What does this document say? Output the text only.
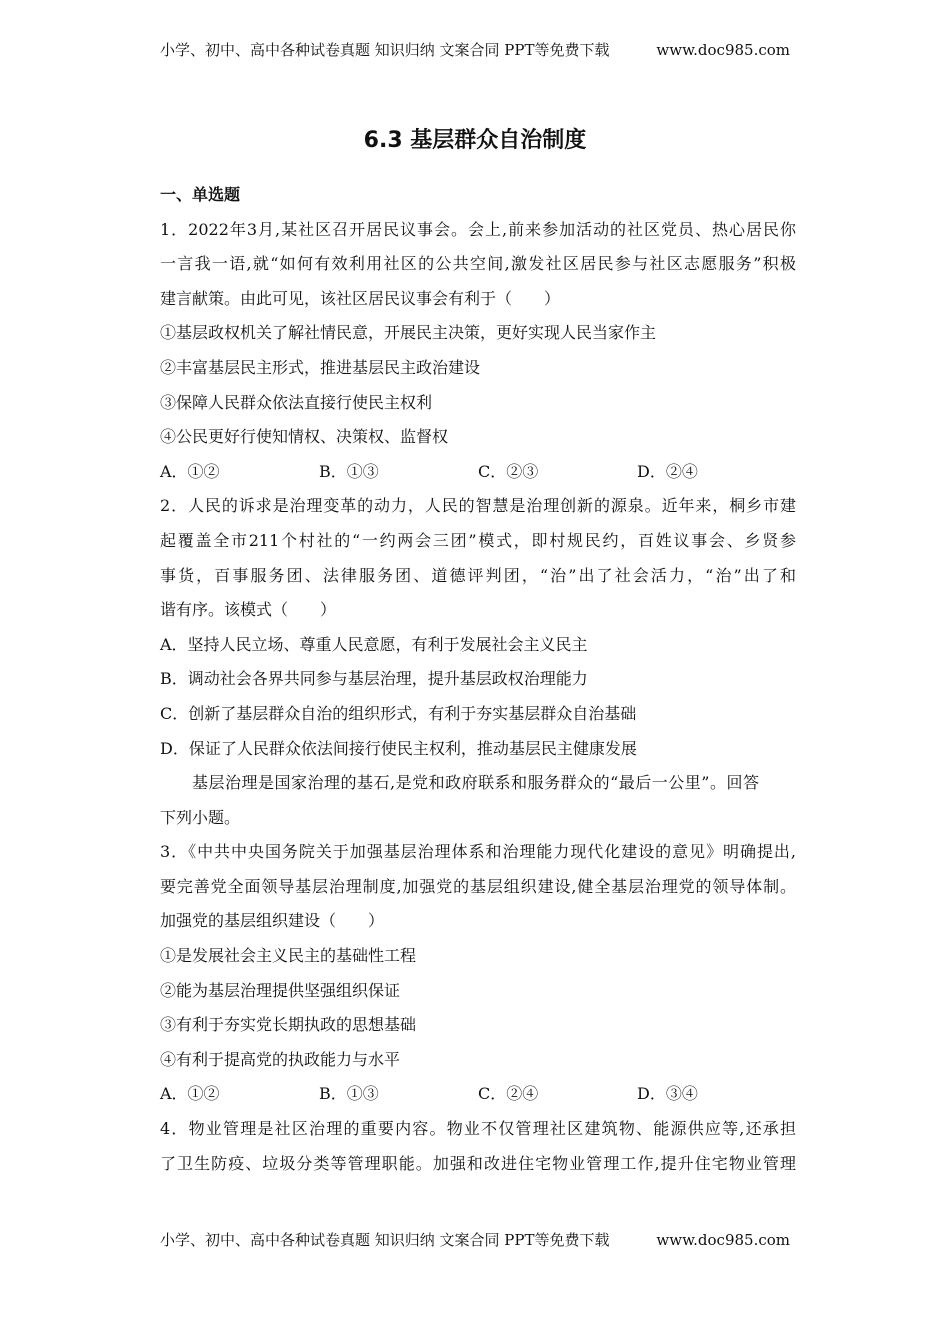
小学、初中、高中各种试卷真题 知识归纳 文案合同 PPT等免费下载	www.doc985.com
6.3 基层群众自治制度
一、单选题
1．2022年3月,某社区召开居民议事会。会上,前来参加活动的社区党员、热心居民你
一言我一语,就“如何有效利用社区的公共空间,激发社区居民参与社区志愿服务”积极
建言献策。由此可见，该社区居民议事会有利于（　　）
①基层政权机关了解社情民意，开展民主决策，更好实现人民当家作主
②丰富基层民主形式，推进基层民主政治建设
③保障人民群众依法直接行使民主权利
④公民更好行使知情权、决策权、监督权
A．①②	B．①③	C．②③	D．②④
2．人民的诉求是治理变革的动力，人民的智慧是治理创新的源泉。近年来，桐乡市建
起覆盖全市211个村社的“一约两会三团”模式，即村规民约，百姓议事会、乡贤参
事货，百事服务团、法律服务团、道德评判团，“治”出了社会活力，“治”出了和
谐有序。该模式（　　）
A．坚持人民立场、尊重人民意愿，有利于发展社会主义民主
B．调动社会各界共同参与基层治理，提升基层政权治理能力
C．创新了基层群众自治的组织形式，有利于夯实基层群众自治基础
D．保证了人民群众依法间接行使民主权利，推动基层民主健康发展
基层治理是国家治理的基石,是党和政府联系和服务群众的“最后一公里”。回答
下列小题。
3．《中共中央国务院关于加强基层治理体系和治理能力现代化建设的意见》明确提出,
要完善党全面领导基层治理制度,加强党的基层组织建设,健全基层治理党的领导体制。
加强党的基层组织建设（　　）
①是发展社会主义民主的基础性工程
②能为基层治理提供坚强组织保证
③有利于夯实党长期执政的思想基础
④有利于提高党的执政能力与水平
A．①②	B．①③	C．②④	D．③④
4．物业管理是社区治理的重要内容。物业不仅管理社区建筑物、能源供应等,还承担
了卫生防疫、垃圾分类等管理职能。加强和改进住宅物业管理工作,提升住宅物业管理
小学、初中、高中各种试卷真题 知识归纳 文案合同 PPT等免费下载	www.doc985.com
